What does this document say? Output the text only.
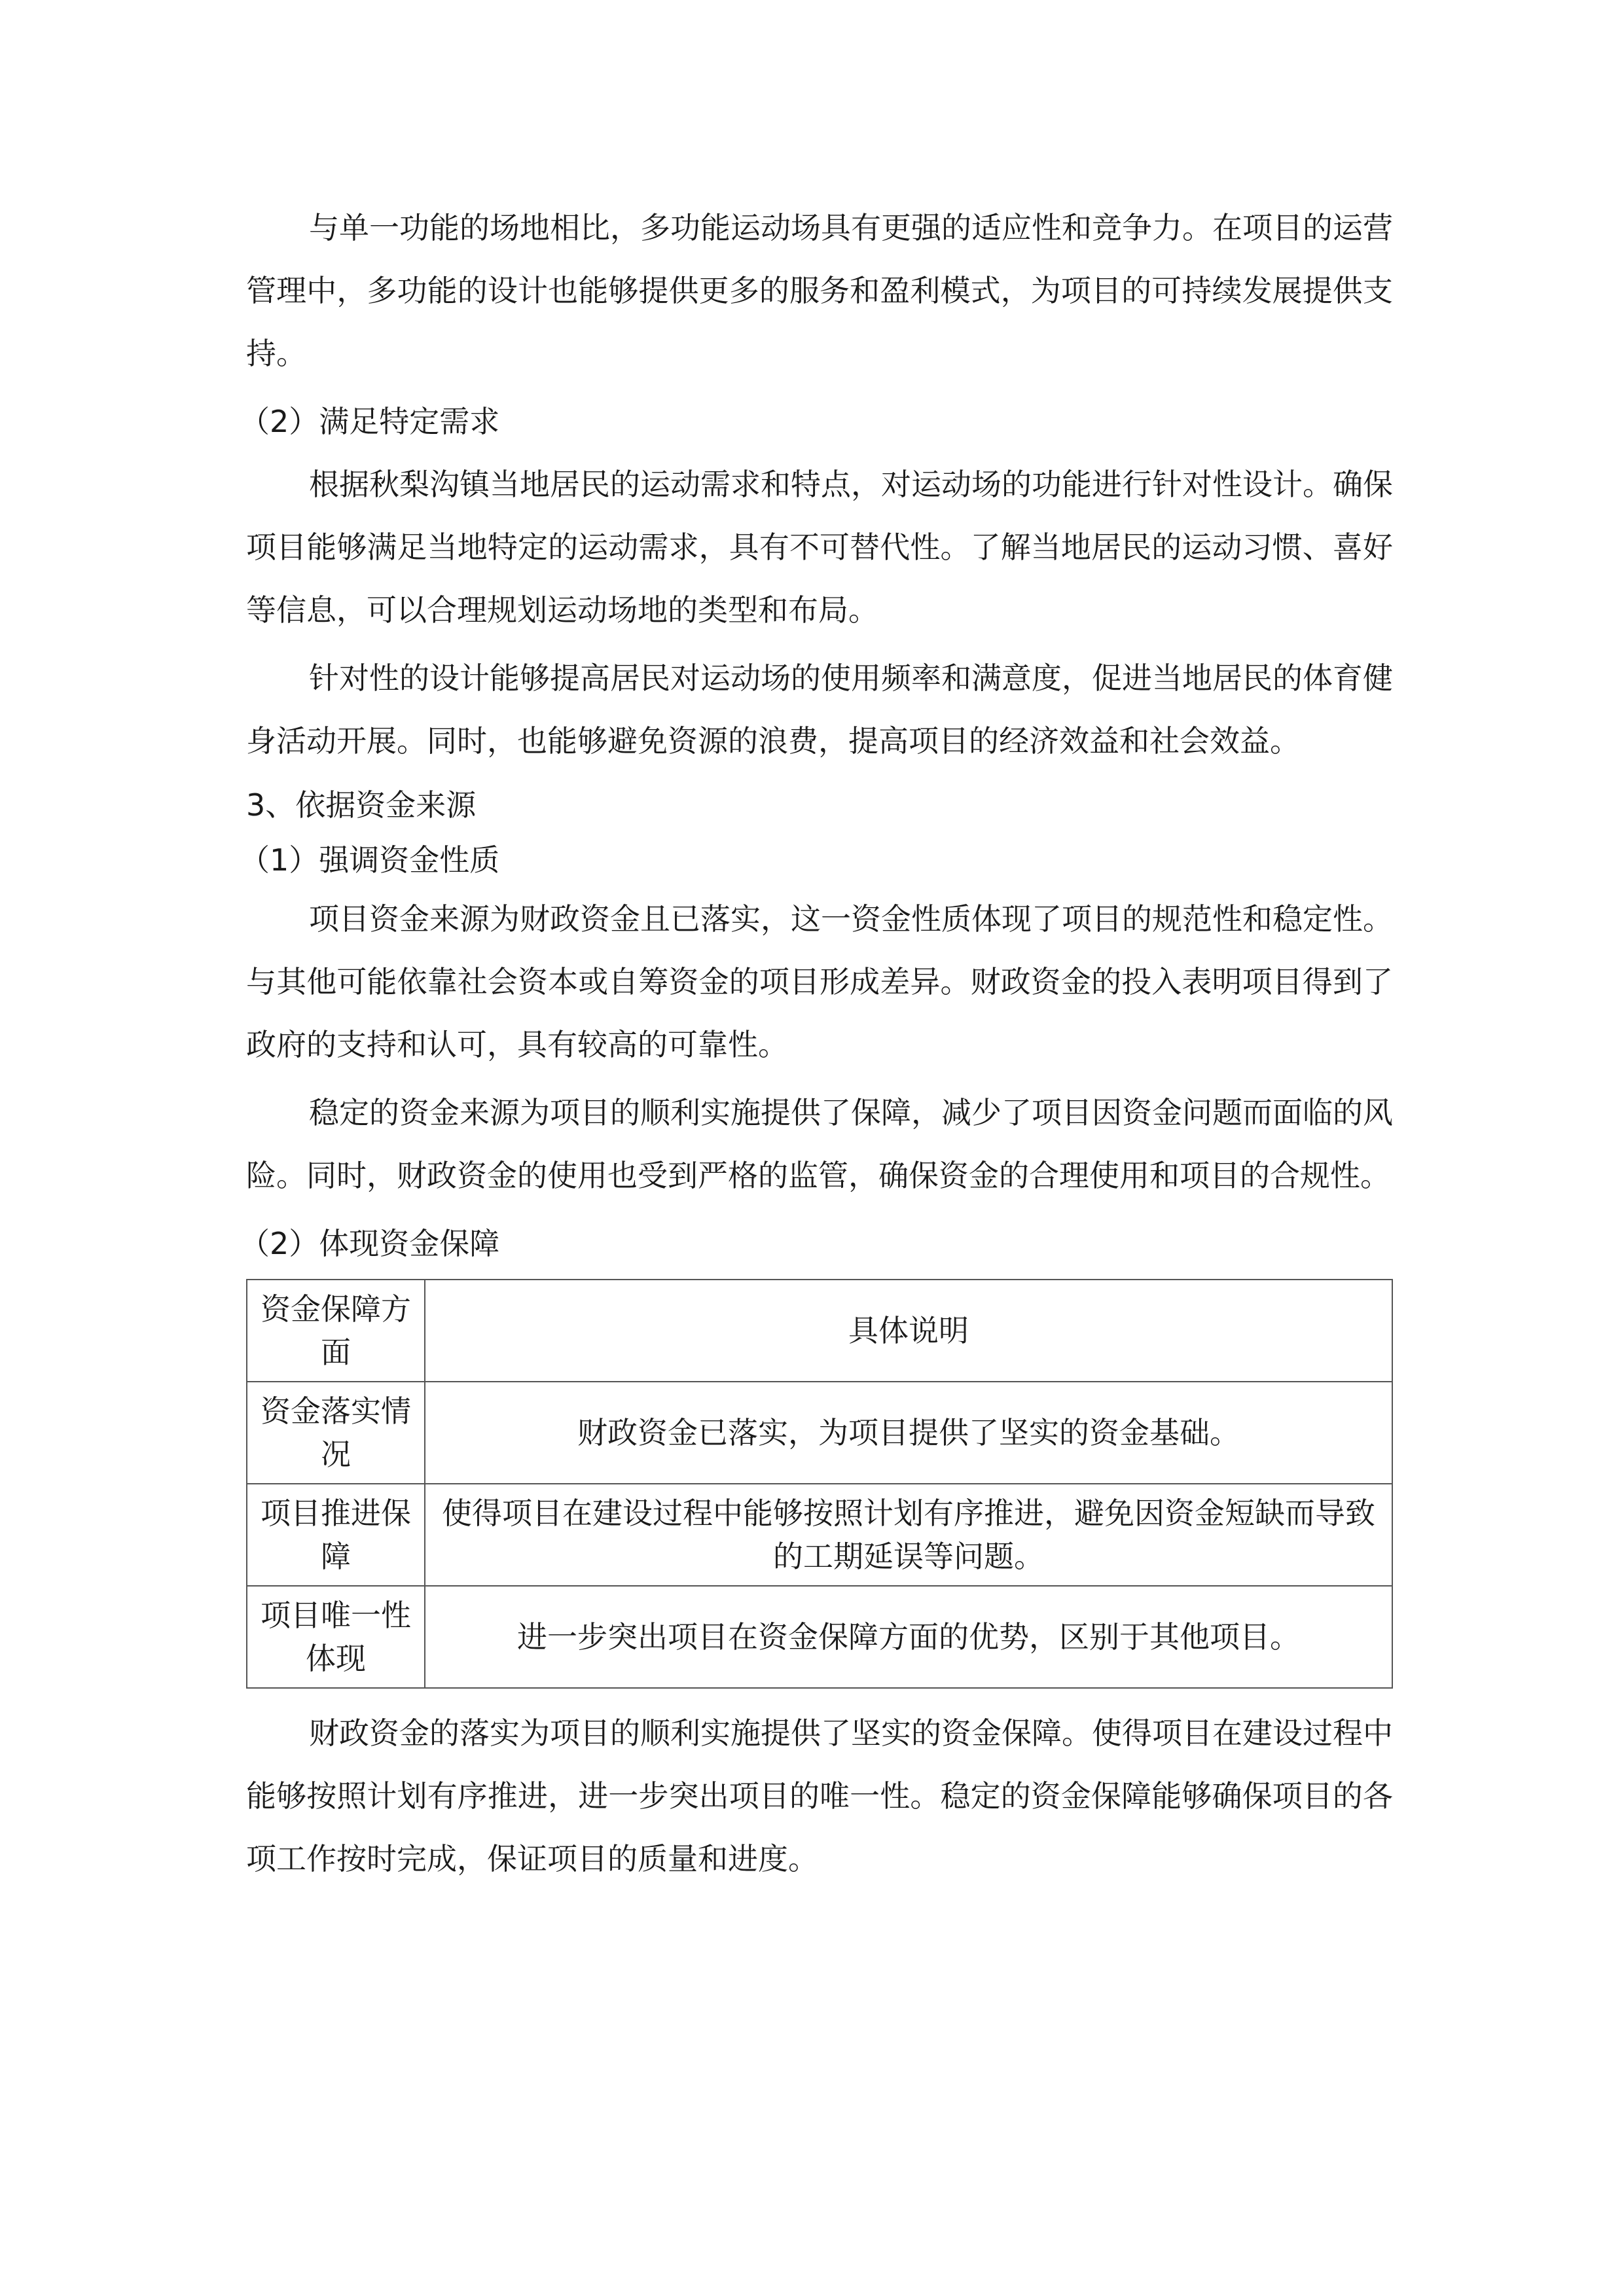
与单一功能的场地相比，多功能运动场具有更强的适应性和竞争力。在项目的运营管理中，多功能的设计也能够提供更多的服务和盈利模式，为项目的可持续发展提供支持。

（2）满足特定需求

根据秋梨沟镇当地居民的运动需求和特点，对运动场的功能进行针对性设计。确保项目能够满足当地特定的运动需求，具有不可替代性。了解当地居民的运动习惯、喜好等信息，可以合理规划运动场地的类型和布局。

针对性的设计能够提高居民对运动场的使用频率和满意度，促进当地居民的体育健身活动开展。同时，也能够避免资源的浪费，提高项目的经济效益和社会效益。

3、依据资金来源

（1）强调资金性质

项目资金来源为财政资金且已落实，这一资金性质体现了项目的规范性和稳定性。与其他可能依靠社会资本或自筹资金的项目形成差异。财政资金的投入表明项目得到了政府的支持和认可，具有较高的可靠性。

稳定的资金来源为项目的顺利实施提供了保障，减少了项目因资金问题而面临的风险。同时，财政资金的使用也受到严格的监管，确保资金的合理使用和项目的合规性。

（2）体现资金保障

资金保障方面	具体说明
资金落实情况	财政资金已落实，为项目提供了坚实的资金基础。
项目推进保障	使得项目在建设过程中能够按照计划有序推进，避免因资金短缺而导致的工期延误等问题。
项目唯一性体现	进一步突出项目在资金保障方面的优势，区别于其他项目。

财政资金的落实为项目的顺利实施提供了坚实的资金保障。使得项目在建设过程中能够按照计划有序推进，进一步突出项目的唯一性。稳定的资金保障能够确保项目的各项工作按时完成，保证项目的质量和进度。
